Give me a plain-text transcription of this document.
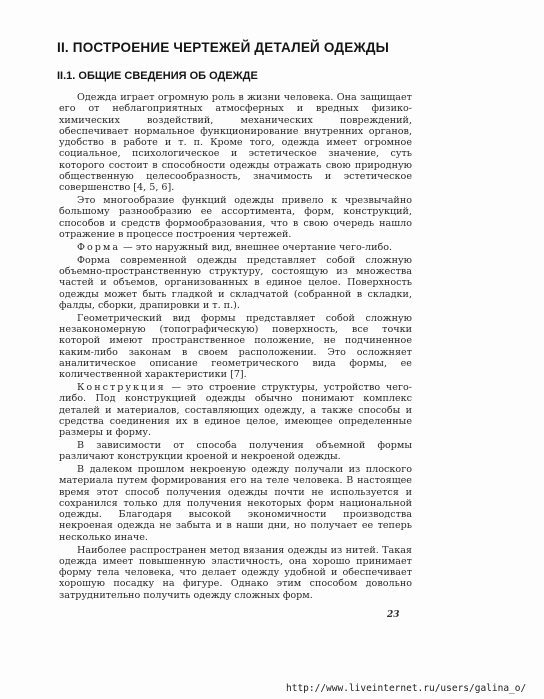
II. ПОСТРОЕНИЕ ЧЕРТЕЖЕЙ ДЕТАЛЕЙ ОДЕЖДЫ
II.1. ОБЩИЕ СВЕДЕНИЯ ОБ ОДЕЖДЕ

Одежда играет огромную роль в жизни человека. Она защищает его от неблагоприятных атмосферных и вредных физико-химических воздействий, механических повреждений, обеспечивает нормальное функционирование внутренних органов, удобство в работе и т. п. Кроме того, одежда имеет огромное социальное, психологическое и эстетическое значение, суть которого состоит в способности одежды отражать свою природную общественную целесообразность, значимость и эстетическое совершенство [4, 5, 6].

Это многообразие функций одежды привело к чрезвычайно большому разнообразию ее ассортимента, форм, конструкций, способов и средств формообразования, что в свою очередь нашло отражение в процессе построения чертежей.

Форма — это наружный вид, внешнее очертание чего-либо.

Форма современной одежды представляет собой сложную объемно-пространственную структуру, состоящую из множества частей и объемов, организованных в единое целое. Поверхность одежды может быть гладкой и складчатой (собранной в складки, фалды, сборки, драпировки и т. п.).

Геометрический вид формы представляет собой сложную незакономерную (топографическую) поверхность, все точки которой имеют пространственное положение, не подчиненное каким-либо законам в своем расположении. Это осложняет аналитическое описание геометрического вида формы, ее количественной характеристики [7].

Конструкция — это строение структуры, устройство чего-либо. Под конструкцией одежды обычно понимают комплекс деталей и материалов, составляющих одежду, а также способы и средства соединения их в единое целое, имеющее определенные размеры и форму.

В зависимости от способа получения объемной формы различают конструкции кроеной и некроеной одежды.

В далеком прошлом некроеную одежду получали из плоского материала путем формирования его на теле человека. В настоящее время этот способ получения одежды почти не используется и сохранился только для получения некоторых форм национальной одежды. Благодаря высокой экономичности производства некроеная одежда не забыта и в наши дни, но получает ее теперь несколько иначе.

Наиболее распространен метод вязания одежды из нитей. Такая одежда имеет повышенную эластичность, она хорошо принимает форму тела человека, что делает одежду удобной и обеспечивает хорошую посадку на фигуре. Однако этим способом довольно затруднительно получить одежду сложных форм.

23
http://www.liveinternet.ru/users/galina_o/
